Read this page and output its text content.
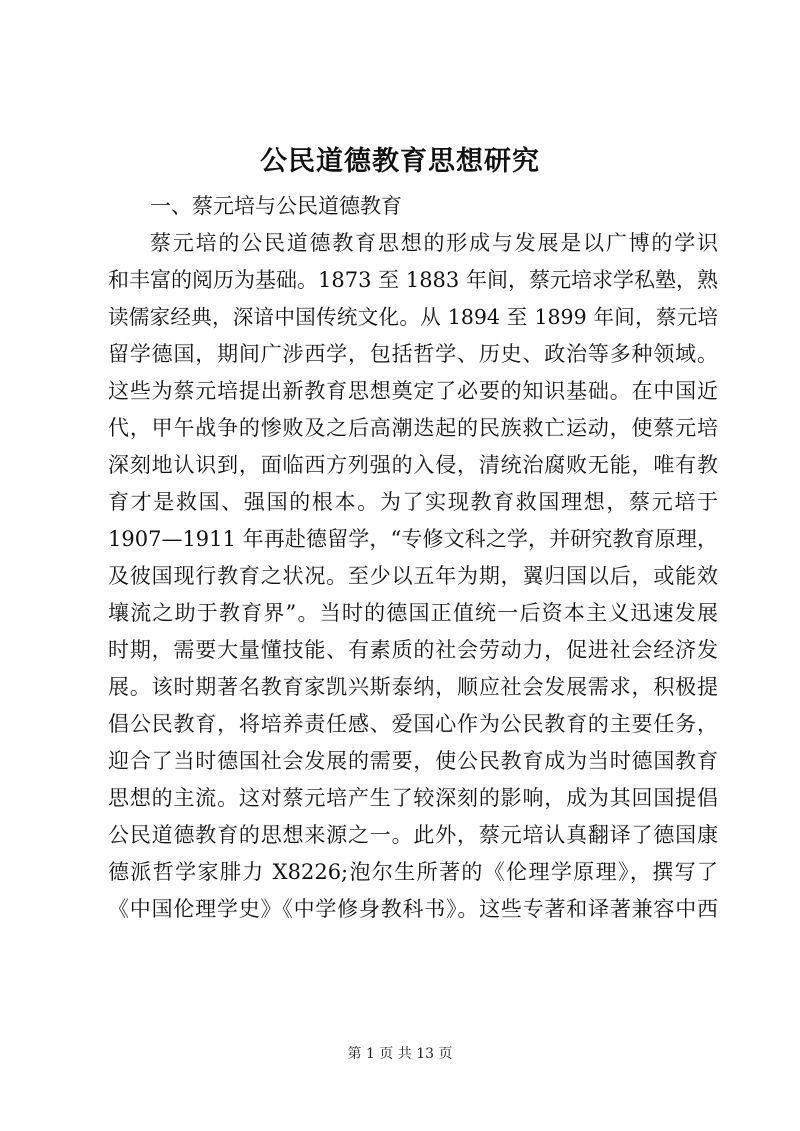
公民道德教育思想研究
一、蔡元培与公民道德教育
蔡元培的公民道德教育思想的形成与发展是以广博的学识
和丰富的阅历为基础。1873 至 1883 年间，蔡元培求学私塾，熟
读儒家经典，深谙中国传统文化。从 1894 至 1899 年间，蔡元培
留学德国，期间广涉西学，包括哲学、历史、政治等多种领域。
这些为蔡元培提出新教育思想奠定了必要的知识基础。在中国近
代，甲午战争的惨败及之后高潮迭起的民族救亡运动，使蔡元培
深刻地认识到，面临西方列强的入侵，清统治腐败无能，唯有教
育才是救国、强国的根本。为了实现教育救国理想，蔡元培于
1907—1911 年再赴德留学，“专修文科之学，并研究教育原理，
及彼国现行教育之状况。至少以五年为期，翼归国以后，或能效
壤流之助于教育界”。当时的德国正值统一后资本主义迅速发展
时期，需要大量懂技能、有素质的社会劳动力，促进社会经济发
展。该时期著名教育家凯兴斯泰纳，顺应社会发展需求，积极提
倡公民教育，将培养责任感、爱国心作为公民教育的主要任务，
迎合了当时德国社会发展的需要，使公民教育成为当时德国教育
思想的主流。这对蔡元培产生了较深刻的影响，成为其回国提倡
公民道德教育的思想来源之一。此外，蔡元培认真翻译了德国康
德派哲学家腓力 X8226;泡尔生所著的《伦理学原理》，撰写了
《中国伦理学史》《中学修身教科书》。这些专著和译著兼容中西
第 1 页 共 13 页
